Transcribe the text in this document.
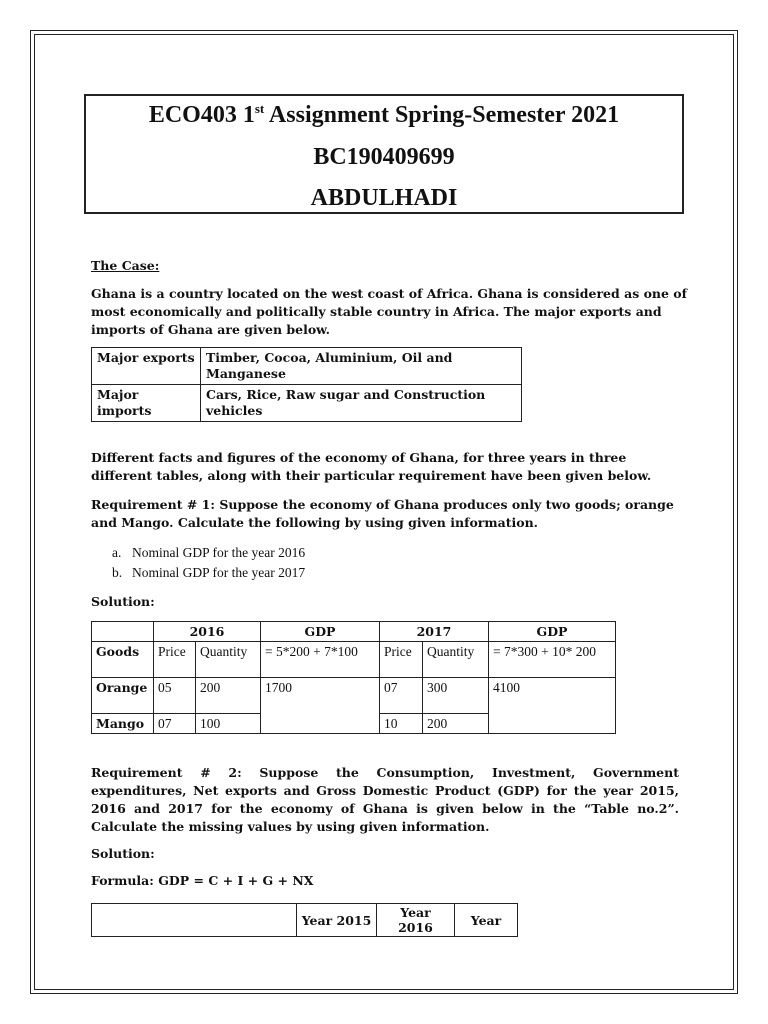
ECO403 1st Assignment Spring-Semester 2021
BC190409699
ABDULHADI

The Case:

Ghana is a country located on the west coast of Africa. Ghana is considered as one of most economically and politically stable country in Africa. The major exports and imports of Ghana are given below.

Major exports	Timber, Cocoa, Aluminium, Oil and Manganese
Major imports	Cars, Rice, Raw sugar and Construction vehicles

Different facts and figures of the economy of Ghana, for three years in three different tables, along with their particular requirement have been given below.

Requirement # 1: Suppose the economy of Ghana produces only two goods; orange and Mango. Calculate the following by using given information.

a. Nominal GDP for the year 2016
b. Nominal GDP for the year 2017

Solution:

	2016		GDP	2017		GDP
Goods	Price	Quantity	= 5*200 + 7*100	Price	Quantity	= 7*300 + 10* 200
Orange	05	200	1700	07	300	4100
Mango	07	100		10	200	

Requirement # 2: Suppose the Consumption, Investment, Government expenditures, Net exports and Gross Domestic Product (GDP) for the year 2015, 2016 and 2017 for the economy of Ghana is given below in the “Table no.2”. Calculate the missing values by using given information.

Solution:

Formula: GDP = C + I + G + NX

	Year 2015	Year 2016	Year
